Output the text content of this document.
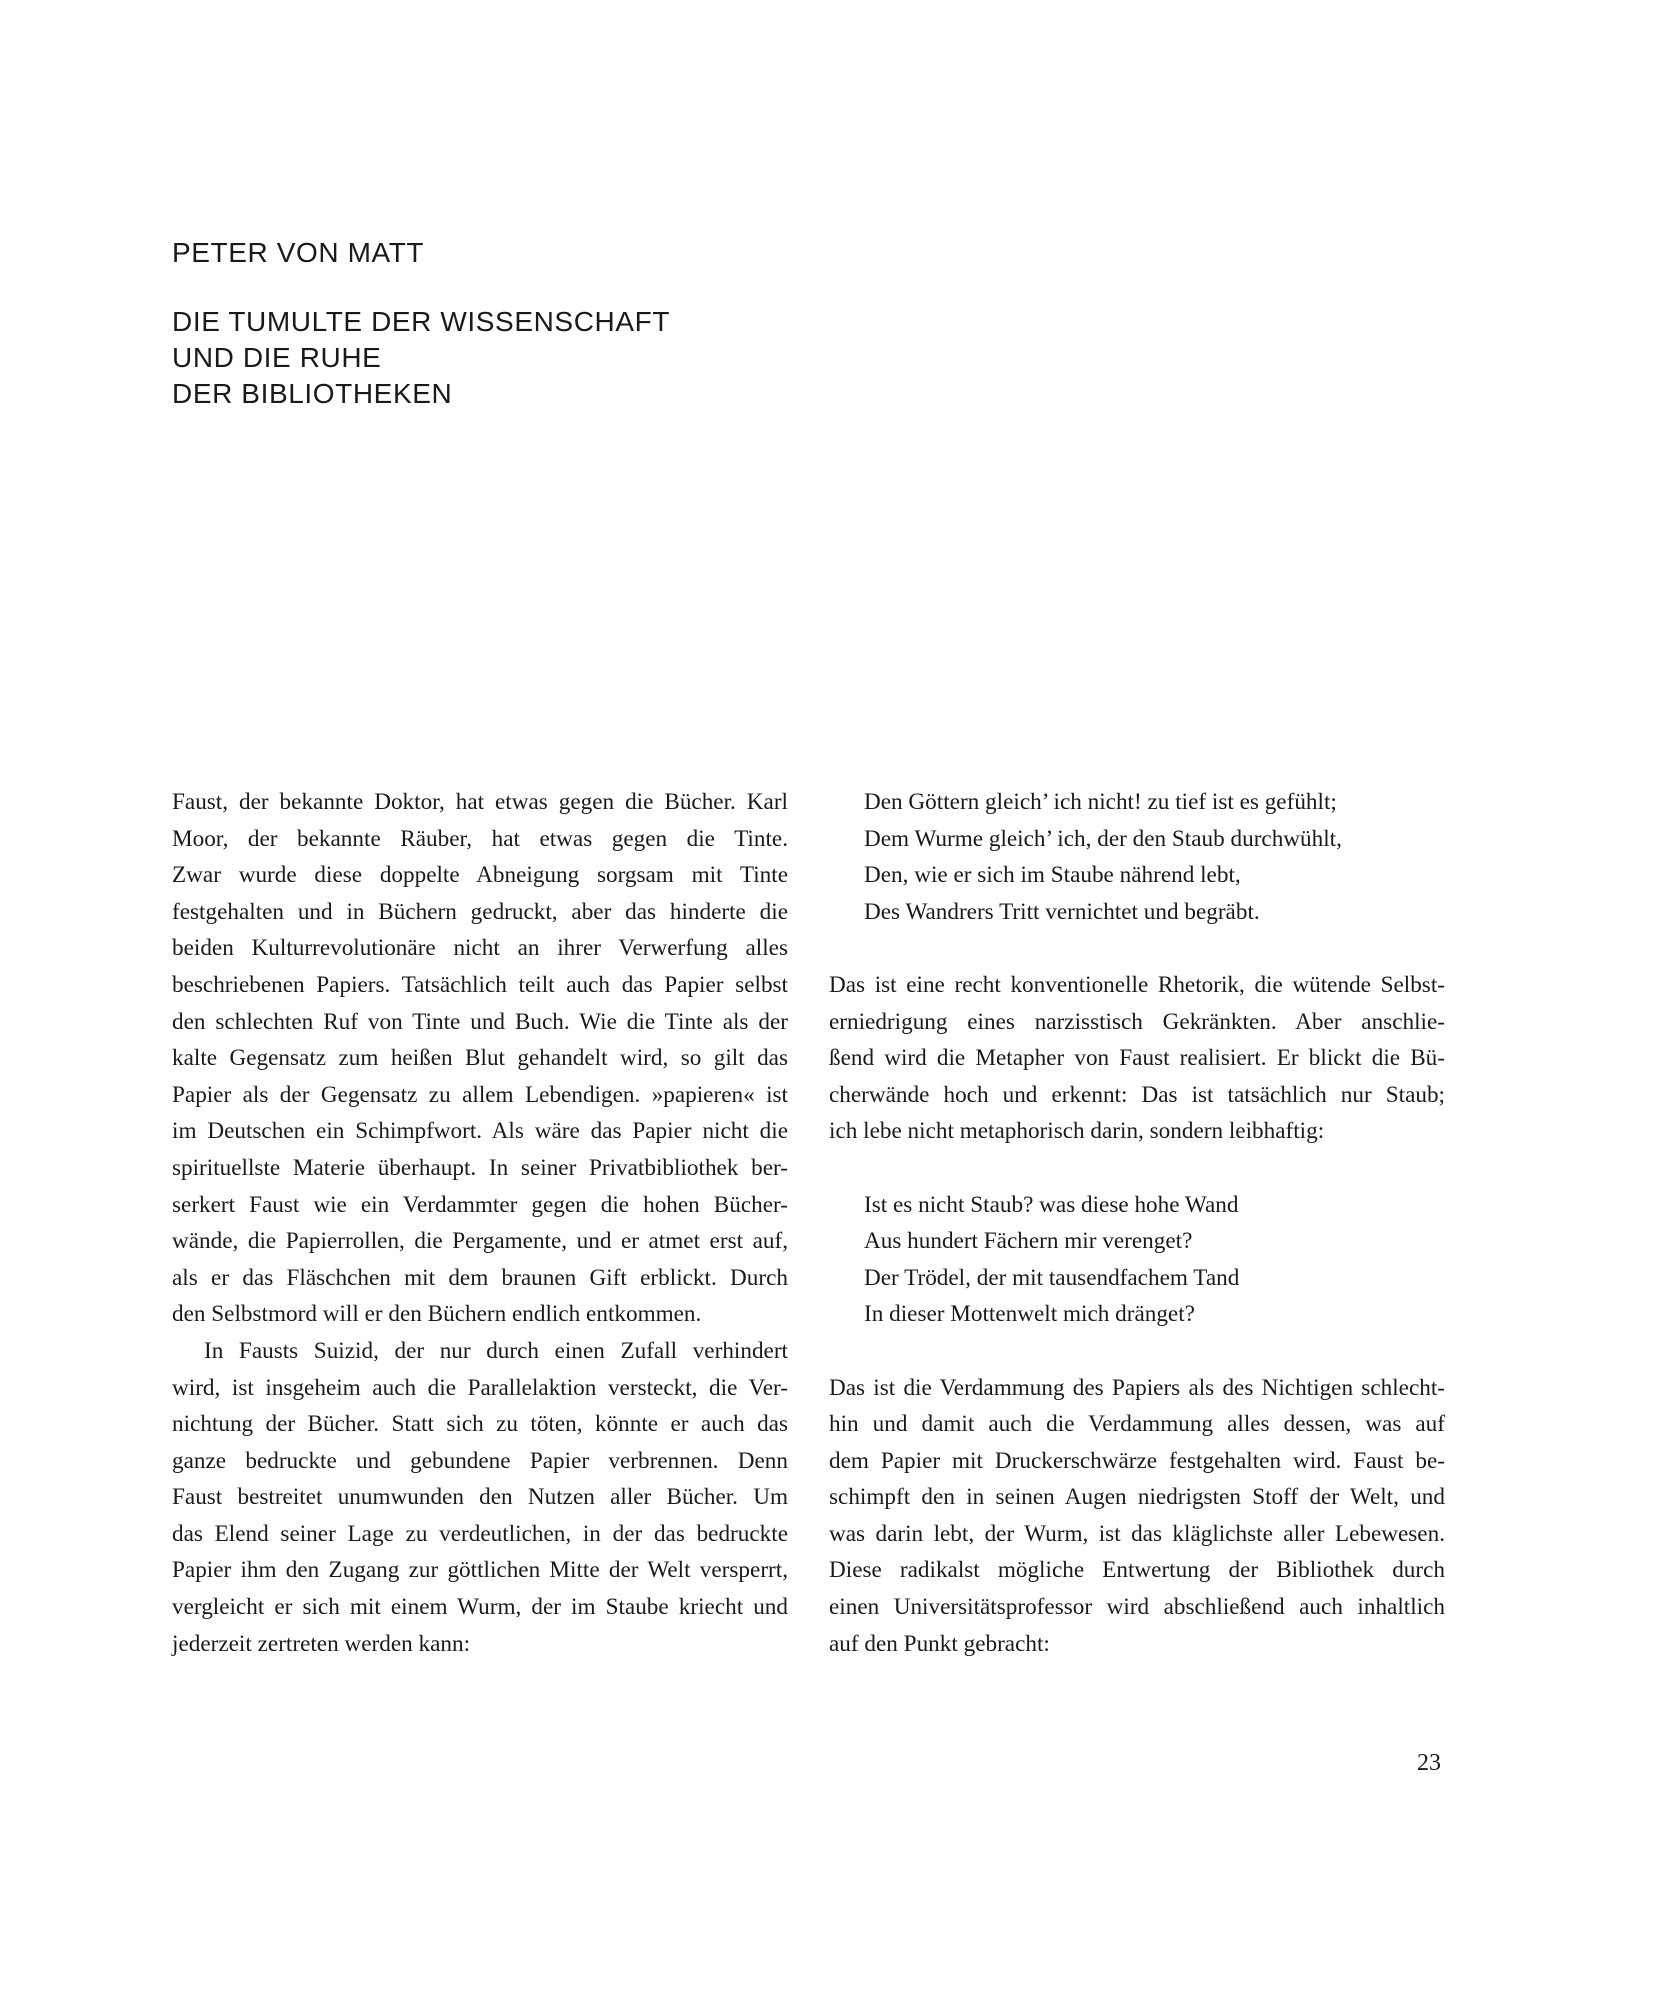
PETER VON MATT
DIE TUMULTE DER WISSENSCHAFT
UND DIE RUHE
DER BIBLIOTHEKEN
Faust, der bekannte Doktor, hat etwas gegen die Bücher. Karl
Moor, der bekannte Räuber, hat etwas gegen die Tinte.
Zwar wurde diese doppelte Abneigung sorgsam mit Tinte
festgehalten und in Büchern gedruckt, aber das hinderte die
beiden Kulturrevolutionäre nicht an ihrer Verwerfung alles
beschriebenen Papiers. Tatsächlich teilt auch das Papier selbst
den schlechten Ruf von Tinte und Buch. Wie die Tinte als der
kalte Gegensatz zum heißen Blut gehandelt wird, so gilt das
Papier als der Gegensatz zu allem Lebendigen. »papieren« ist
im Deutschen ein Schimpfwort. Als wäre das Papier nicht die
spirituellste Materie überhaupt. In seiner Privatbibliothek ber-
serkert Faust wie ein Verdammter gegen die hohen Bücher-
wände, die Papierrollen, die Pergamente, und er atmet erst auf,
als er das Fläschchen mit dem braunen Gift erblickt. Durch
den Selbstmord will er den Büchern endlich entkommen.
In Fausts Suizid, der nur durch einen Zufall verhindert
wird, ist insgeheim auch die Parallelaktion versteckt, die Ver-
nichtung der Bücher. Statt sich zu töten, könnte er auch das
ganze bedruckte und gebundene Papier verbrennen. Denn
Faust bestreitet unumwunden den Nutzen aller Bücher. Um
das Elend seiner Lage zu verdeutlichen, in der das bedruckte
Papier ihm den Zugang zur göttlichen Mitte der Welt versperrt,
vergleicht er sich mit einem Wurm, der im Staube kriecht und
jederzeit zertreten werden kann:
Den Göttern gleich’ ich nicht! zu tief ist es gefühlt;
Dem Wurme gleich’ ich, der den Staub durchwühlt,
Den, wie er sich im Staube nährend lebt,
Des Wandrers Tritt vernichtet und begräbt.
Das ist eine recht konventionelle Rhetorik, die wütende Selbst-
erniedrigung eines narzisstisch Gekränkten. Aber anschlie-
ßend wird die Metapher von Faust realisiert. Er blickt die Bü-
cherwände hoch und erkennt: Das ist tatsächlich nur Staub;
ich lebe nicht metaphorisch darin, sondern leibhaftig:
Ist es nicht Staub? was diese hohe Wand
Aus hundert Fächern mir verenget?
Der Trödel, der mit tausendfachem Tand
In dieser Mottenwelt mich dränget?
Das ist die Verdammung des Papiers als des Nichtigen schlecht-
hin und damit auch die Verdammung alles dessen, was auf
dem Papier mit Druckerschwärze festgehalten wird. Faust be-
schimpft den in seinen Augen niedrigsten Stoff der Welt, und
was darin lebt, der Wurm, ist das kläglichste aller Lebewesen.
Diese radikalst mögliche Entwertung der Bibliothek durch
einen Universitätsprofessor wird abschließend auch inhaltlich
auf den Punkt gebracht:

23
